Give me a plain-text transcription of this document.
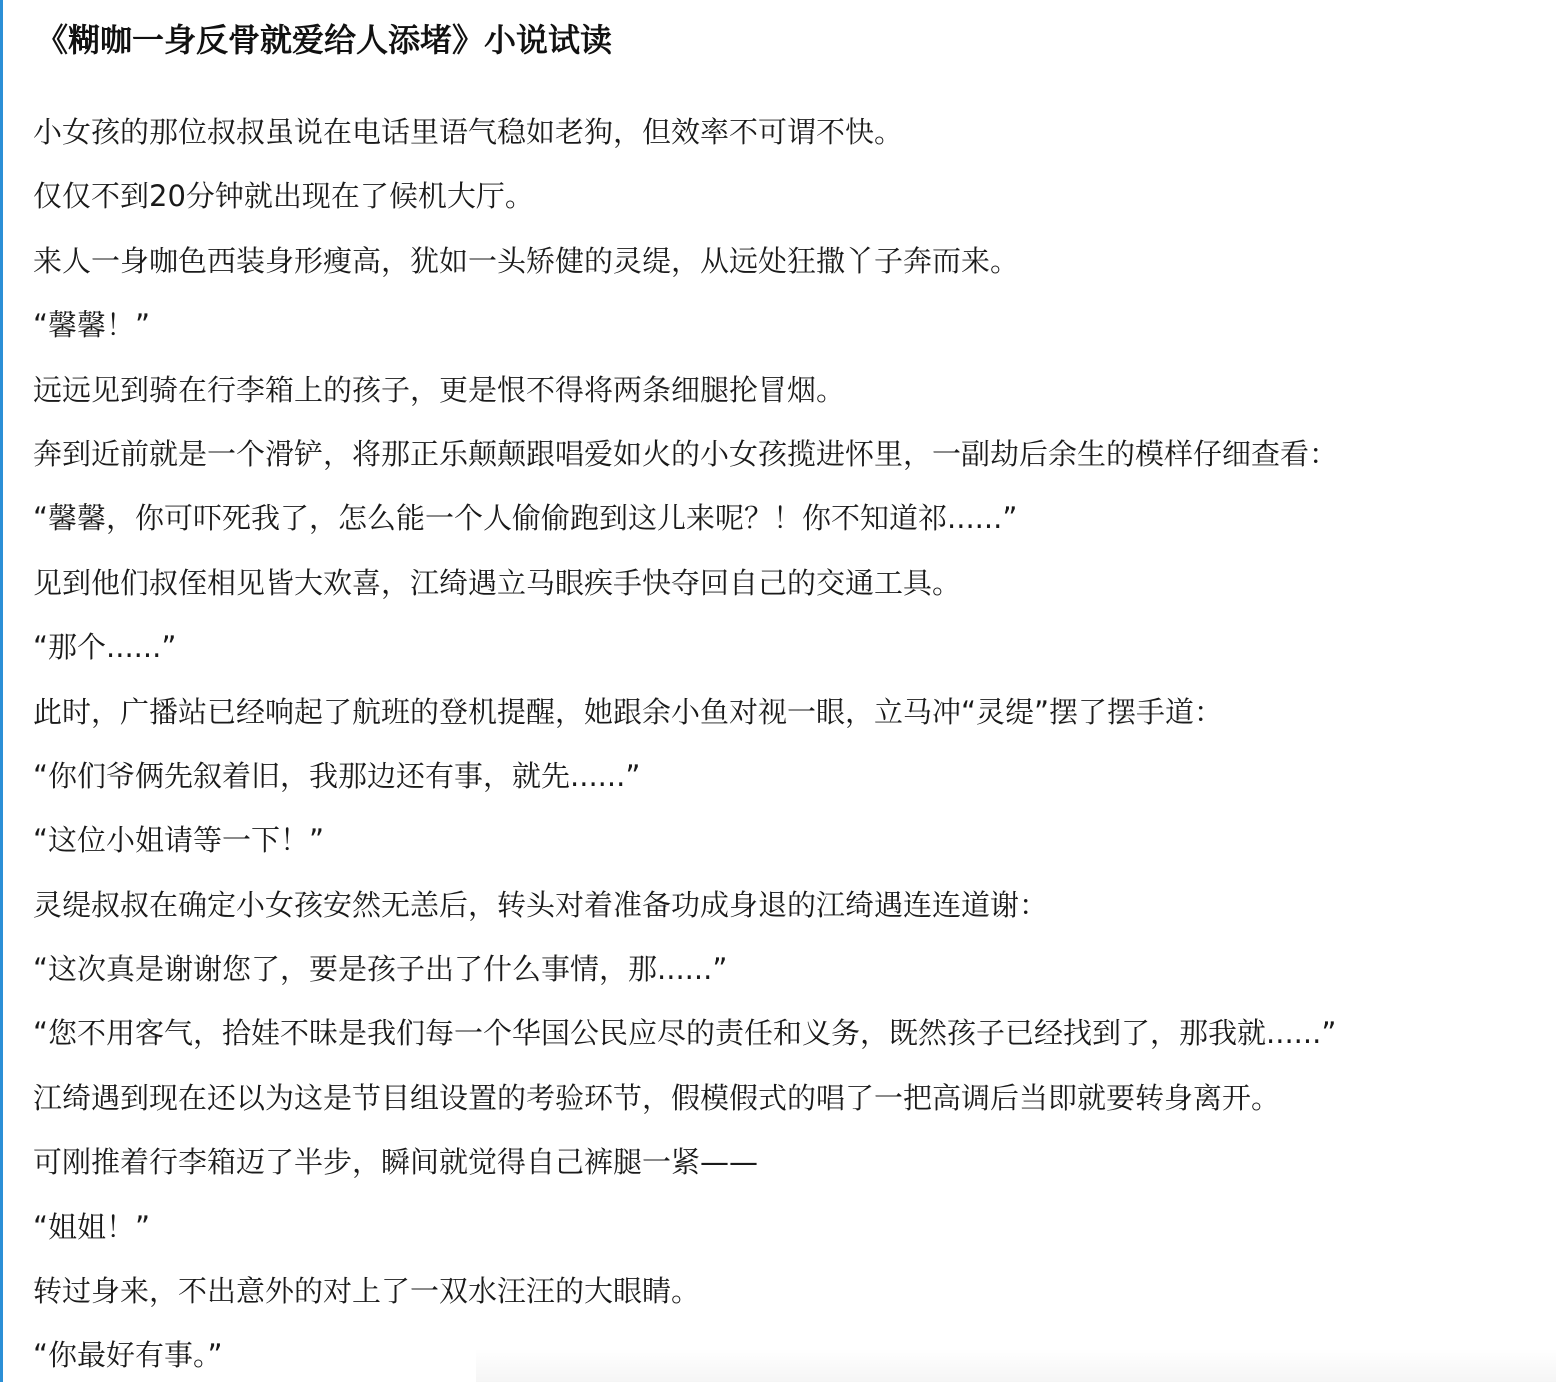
《糊咖一身反骨就爱给人添堵》小说试读

小女孩的那位叔叔虽说在电话里语气稳如老狗，但效率不可谓不快。

仅仅不到20分钟就出现在了候机大厅。

来人一身咖色西装身形瘦高，犹如一头矫健的灵缇，从远处狂撒丫子奔而来。

“馨馨！”

远远见到骑在行李箱上的孩子，更是恨不得将两条细腿抡冒烟。

奔到近前就是一个滑铲，将那正乐颠颠跟唱爱如火的小女孩揽进怀里，一副劫后余生的模样仔细查看：

“馨馨，你可吓死我了，怎么能一个人偷偷跑到这儿来呢？！你不知道祁......”

见到他们叔侄相见皆大欢喜，江绮遇立马眼疾手快夺回自己的交通工具。

“那个......”

此时，广播站已经响起了航班的登机提醒，她跟余小鱼对视一眼，立马冲“灵缇”摆了摆手道：

“你们爷俩先叙着旧，我那边还有事，就先......”

“这位小姐请等一下！”

灵缇叔叔在确定小女孩安然无恙后，转头对着准备功成身退的江绮遇连连道谢：

“这次真是谢谢您了，要是孩子出了什么事情，那......”

“您不用客气，拾娃不昧是我们每一个华国公民应尽的责任和义务，既然孩子已经找到了，那我就......”

江绮遇到现在还以为这是节目组设置的考验环节，假模假式的唱了一把高调后当即就要转身离开。

可刚推着行李箱迈了半步，瞬间就觉得自己裤腿一紧——

“姐姐！”

转过身来，不出意外的对上了一双水汪汪的大眼睛。

“你最好有事。”
